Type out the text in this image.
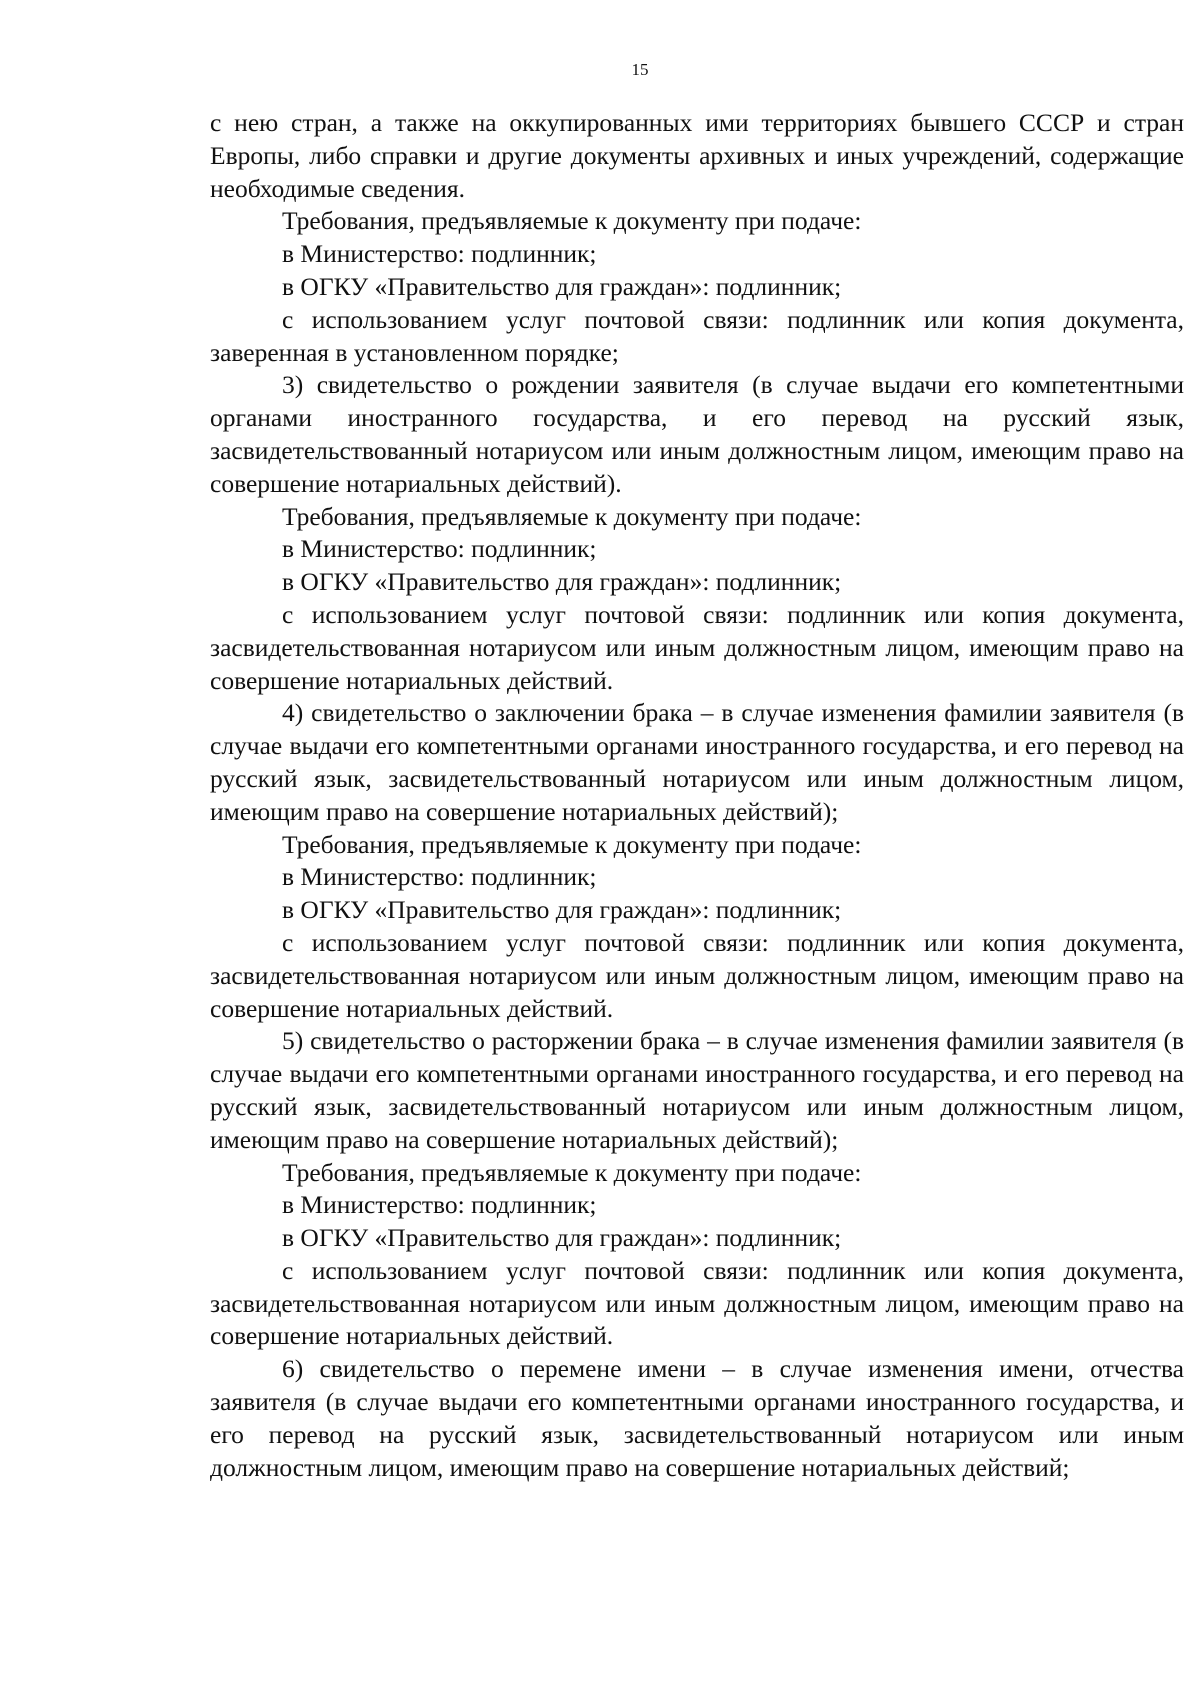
15

с нею стран, а также на оккупированных ими территориях бывшего СССР и стран Европы, либо справки и другие документы архивных и иных учреждений, содержащие необходимые сведения.

Требования, предъявляемые к документу при подаче:

в Министерство: подлинник;

в ОГКУ «Правительство для граждан»: подлинник;

с использованием услуг почтовой связи: подлинник или копия документа, заверенная в установленном порядке;

3) свидетельство о рождении заявителя (в случае выдачи его компетентными органами иностранного государства, и его перевод на русский язык, засвидетельствованный нотариусом или иным должностным лицом, имеющим право на совершение нотариальных действий).

Требования, предъявляемые к документу при подаче:

в Министерство: подлинник;

в ОГКУ «Правительство для граждан»: подлинник;

с использованием услуг почтовой связи: подлинник или копия документа, засвидетельствованная нотариусом или иным должностным лицом, имеющим право на совершение нотариальных действий.

4) свидетельство о заключении брака – в случае изменения фамилии заявителя (в случае выдачи его компетентными органами иностранного государства, и его перевод на русский язык, засвидетельствованный нотариусом или иным должностным лицом, имеющим право на совершение нотариальных действий);

Требования, предъявляемые к документу при подаче:

в Министерство: подлинник;

в ОГКУ «Правительство для граждан»: подлинник;

с использованием услуг почтовой связи: подлинник или копия документа, засвидетельствованная нотариусом или иным должностным лицом, имеющим право на совершение нотариальных действий.

5) свидетельство о расторжении брака – в случае изменения фамилии заявителя (в случае выдачи его компетентными органами иностранного государства, и его перевод на русский язык, засвидетельствованный нотариусом или иным должностным лицом, имеющим право на совершение нотариальных действий);

Требования, предъявляемые к документу при подаче:

в Министерство: подлинник;

в ОГКУ «Правительство для граждан»: подлинник;

с использованием услуг почтовой связи: подлинник или копия документа, засвидетельствованная нотариусом или иным должностным лицом, имеющим право на совершение нотариальных действий.

6) свидетельство о перемене имени – в случае изменения имени, отчества заявителя (в случае выдачи его компетентными органами иностранного государства, и его перевод на русский язык, засвидетельствованный нотариусом или иным должностным лицом, имеющим право на совершение нотариальных действий;
